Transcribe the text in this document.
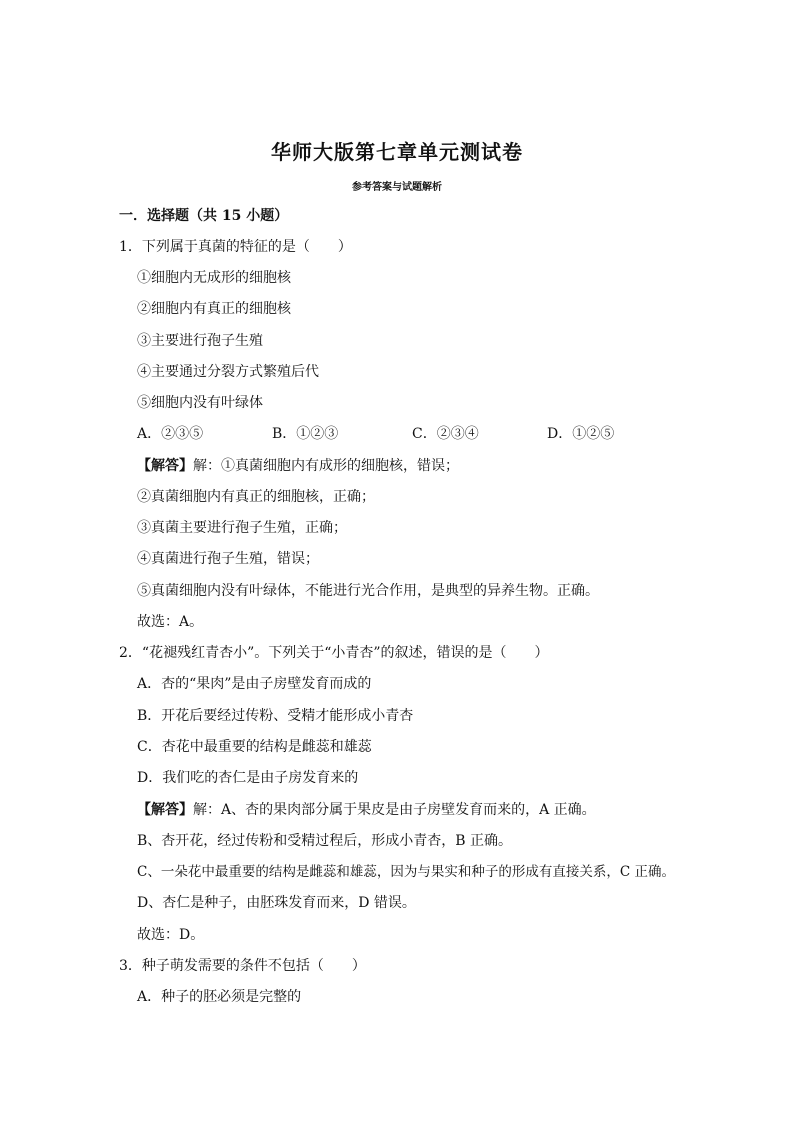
华师大版第七章单元测试卷
参考答案与试题解析
一．选择题（共 15 小题）
1．下列属于真菌的特征的是（　　）
①细胞内无成形的细胞核
②细胞内有真正的细胞核
③主要进行孢子生殖
④主要通过分裂方式繁殖后代
⑤细胞内没有叶绿体
A．②③⑤	B．①②③	C．②③④	D．①②⑤
【解答】解：①真菌细胞内有成形的细胞核，错误；
②真菌细胞内有真正的细胞核，正确；
③真菌主要进行孢子生殖，正确；
④真菌进行孢子生殖，错误；
⑤真菌细胞内没有叶绿体，不能进行光合作用，是典型的异养生物。正确。
故选：A。
2．“花褪残红青杏小”。下列关于“小青杏”的叙述，错误的是（　　）
A．杏的“果肉”是由子房壁发育而成的
B．开花后要经过传粉、受精才能形成小青杏
C．杏花中最重要的结构是雌蕊和雄蕊
D．我们吃的杏仁是由子房发育来的
【解答】解：A、杏的果肉部分属于果皮是由子房壁发育而来的，A 正确。
B、杏开花，经过传粉和受精过程后，形成小青杏，B 正确。
C、一朵花中最重要的结构是雌蕊和雄蕊，因为与果实和种子的形成有直接关系，C 正确。
D、杏仁是种子，由胚珠发育而来，D 错误。
故选：D。
3．种子萌发需要的条件不包括（　　）
A．种子的胚必须是完整的
